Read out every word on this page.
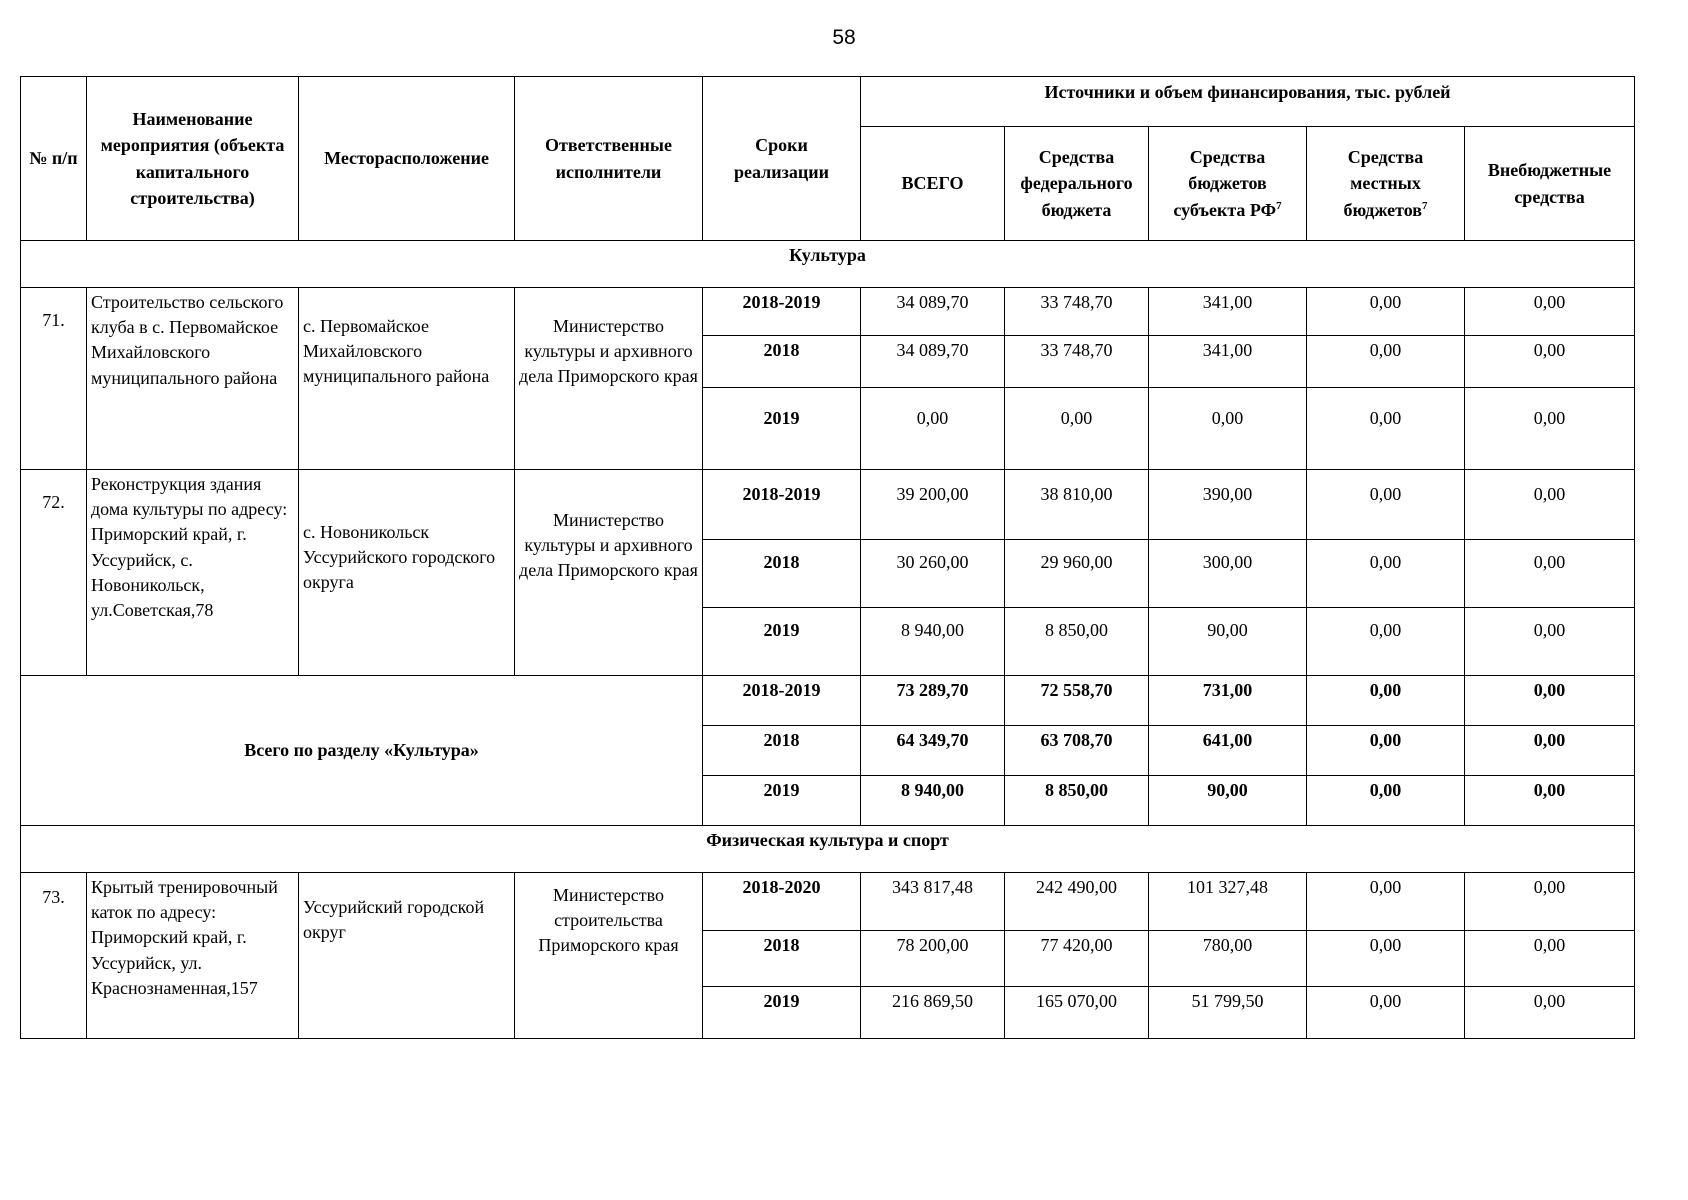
58
№ п/п	Наименование мероприятия (объекта капитального строительства)	Месторасположение	Ответственные исполнители	Сроки реализации	Источники и объем финансирования, тыс. рублей				
					ВСЕГО	Средства федерального бюджета	Средства бюджетов субъекта $РФ^7$	Средства местных бюджетов$^7$	Внебюджетные средства
Культура									
71.	Строительство сельского клуба в с. Первомайское Михайловского муниципального района	с. Первомайское Михайловского муниципального района	Министерство культуры и архивного дела Приморского края	2018-2019	34 089,70	33 748,70	341,00	0,00	0,00
				2018	34 089,70	33 748,70	341,00	0,00	0,00
				2019	0,00	0,00	0,00	0,00	0,00
72.	Реконструкция здания дома культуры по адресу: Приморский край, г. Уссурийск, с. Новоникольск, ул.Советская,78	с. Новоникольск Уссурийского городского округа	Министерство культуры и архивного дела Приморского края	2018-2019	39 200,00	38 810,00	390,00	0,00	0,00
				2018	30 260,00	29 960,00	300,00	0,00	0,00
				2019	8 940,00	8 850,00	90,00	0,00	0,00
Всего по разделу «Культура»				2018-2019	73 289,70	72 558,70	731,00	0,00	0,00
				2018	64 349,70	63 708,70	641,00	0,00	0,00
				2019	8 940,00	8 850,00	90,00	0,00	0,00
Физическая культура и спорт									
73.	Крытый тренировочный каток по адресу: Приморский край, г. Уссурийск, ул. Краснознаменная,157	Уссурийский городской округ	Министерство строительства Приморского края	2018-2020	343 817,48	242 490,00	101 327,48	0,00	0,00
				2018	78 200,00	77 420,00	780,00	0,00	0,00
				2019	216 869,50	165 070,00	51 799,50	0,00	0,00
